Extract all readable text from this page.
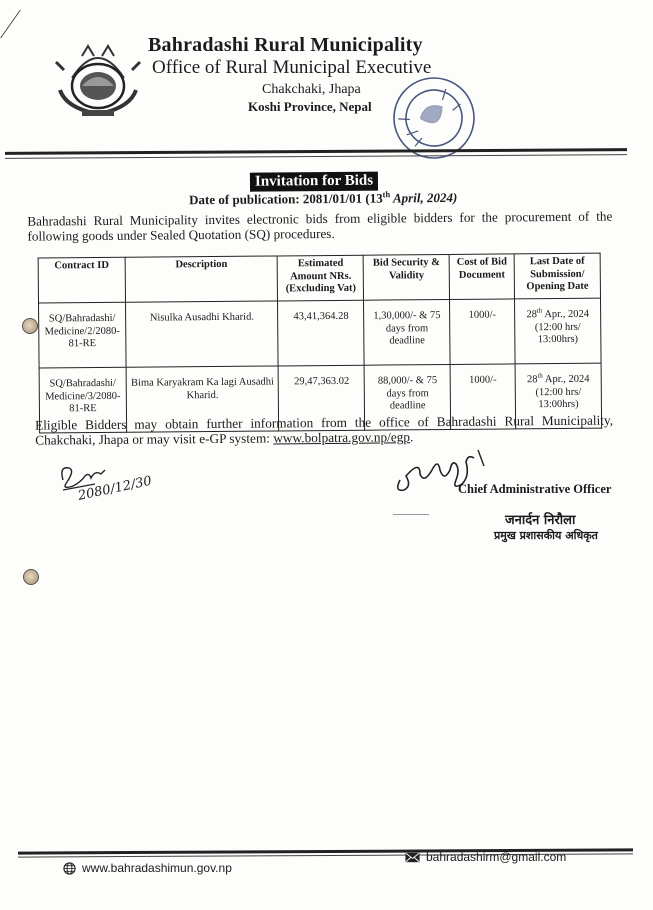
Bahradashi Rural Municipality
Office of Rural Municipal Executive
Chakchaki, Jhapa
Koshi Province, Nepal
Invitation for Bids
Date of publication: 2081/01/01 (13th April, 2024)
Bahradashi Rural Municipality invites electronic bids from eligible bidders for the procurement of the following goods under Sealed Quotation (SQ) procedures.
Contract ID	Description	Estimated Amount NRs. (Excluding Vat)	Bid Security & Validity	Cost of Bid Document	Last Date of Submission/ Opening Date
SQ/Bahradashi/ Medicine/2/2080-81-RE	Nisulka Ausadhi Kharid.	43,41,364.28	1,30,000/- & 75 days from deadline	1000/-	28th Apr., 2024 (12:00 hrs/ 13:00hrs)
SQ/Bahradashi/ Medicine/3/2080-81-RE	Bima Karyakram Ka lagi Ausadhi Kharid.	29,47,363.02	88,000/- & 75 days from deadline	1000/-	28th Apr., 2024 (12:00 hrs/ 13:00hrs)
Eligible Bidders may obtain further information from the office of Bahradashi Rural Municipality, Chakchaki, Jhapa or may visit e-GP system: www.bolpatra.gov.np/egp.
2080/12/30	Chief Administrative Officer
जनार्दन निरौला
प्रमुख प्रशासकीय अधिकृत
www.bahradashimun.gov.np
bahradashirm@gmail.com
